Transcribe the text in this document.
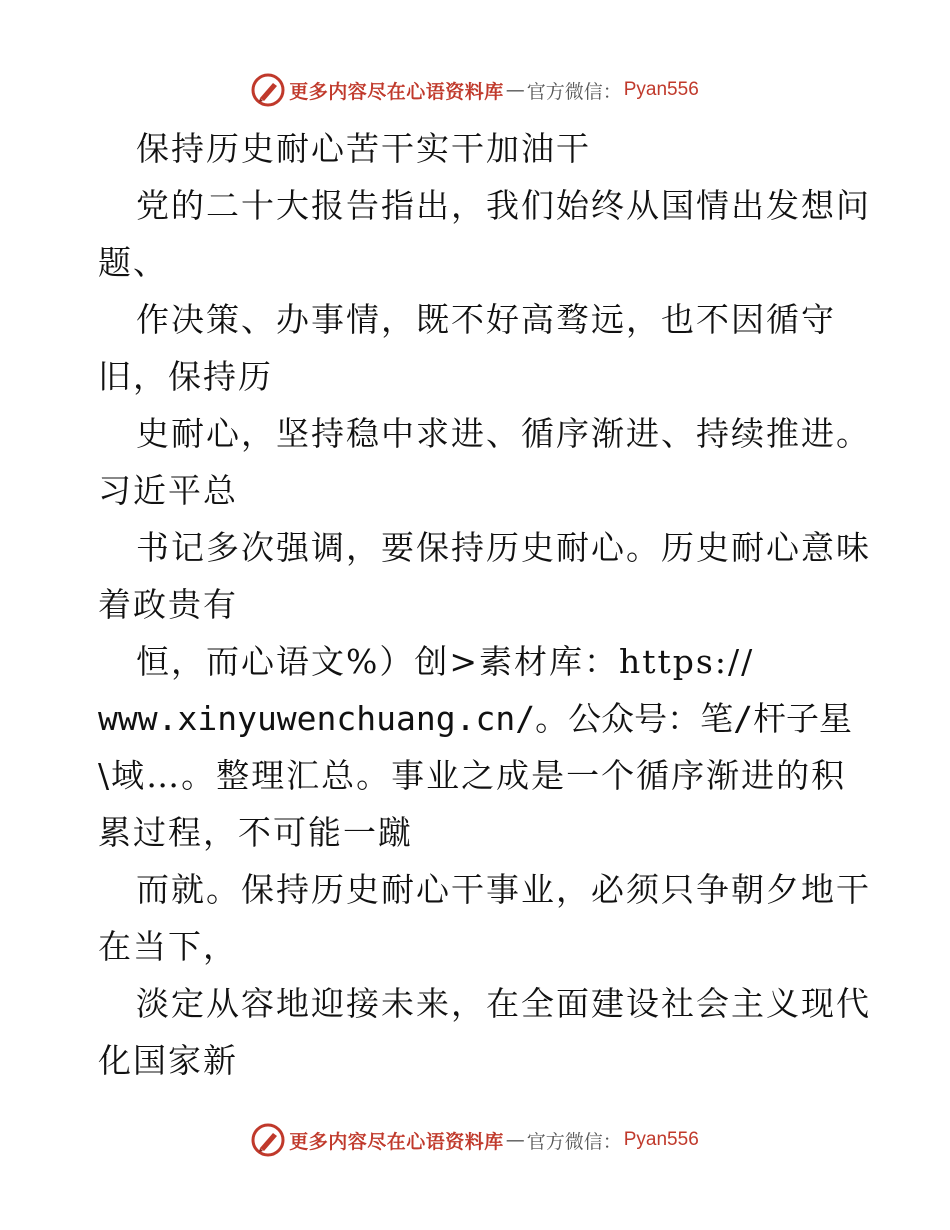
更多内容尽在心语资料库 — 官方微信： Pyan556
保持历史耐心苦干实干加油干
党的二十大报告指出，我们始终从国情出发想问
题、
作决策、办事情，既不好高骛远，也不因循守
旧，保持历
史耐心，坚持稳中求进、循序渐进、持续推进。
习近平总
书记多次强调，要保持历史耐心。历史耐心意味
着政贵有
恒，而心语文%）创>素材库：https://
www.xinyuwenchuang.cn/。公众号：笔/杆子星
\域…。整理汇总。事业之成是一个循序渐进的积
累过程，不可能一蹴
而就。保持历史耐心干事业，必须只争朝夕地干
在当下，
淡定从容地迎接未来，在全面建设社会主义现代
化国家新
更多内容尽在心语资料库 — 官方微信： Pyan556
